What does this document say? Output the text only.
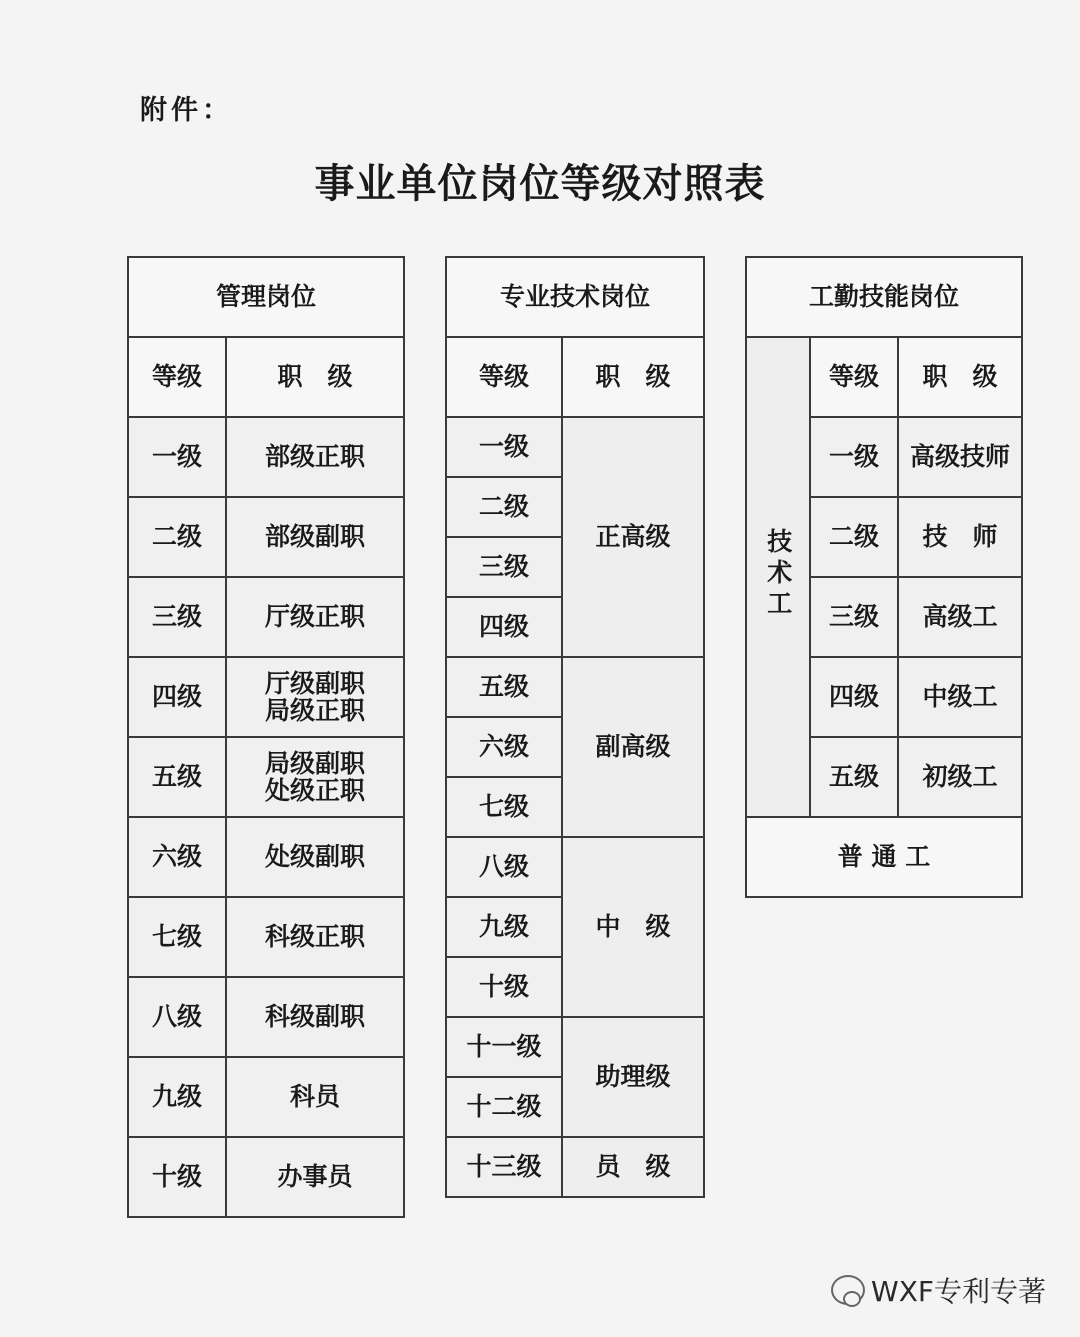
附件：
事业单位岗位等级对照表
管理岗位	
等级	职　级
一级	部级正职
二级	部级副职
三级	厅级正职
四级	厅级副职
局级正职
五级	局级副职
处级正职
六级	处级副职
七级	科级正职
八级	科级副职
九级	科员
十级	办事员
专业技术岗位	
等级	职　级
一级	正高级
二级	
三级	
四级	
五级	副高级
六级	
七级	
八级	中　级
九级	
十级	
十一级	助理级
十二级	
十三级	员　级
工勤技能岗位		
技术工	等级	职　级
	一级	高级技师
	二级	技　师
	三级	高级工
	四级	中级工
	五级	初级工
普 通 工		
WXF专利专著
